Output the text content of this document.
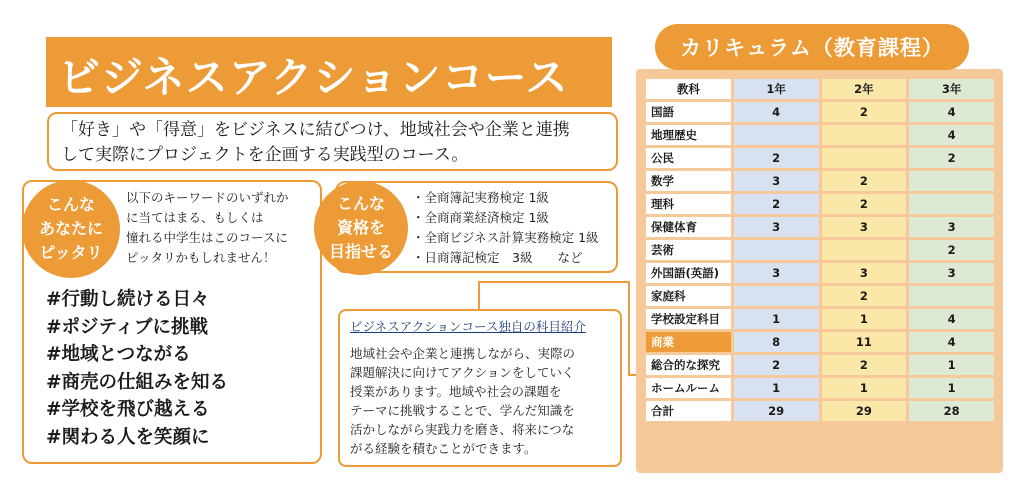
ビジネスアクションコース
「好き」や「得意」をビジネスに結びつけ、地域社会や企業と連携
して実際にプロジェクトを企画する実践型のコース。
こんな
あなたに
ピッタリ
以下のキーワードのいずれか
に当てはまる、もしくは
憧れる中学生はこのコースに
ピッタリかもしれません！
#行動し続ける日々
#ポジティブに挑戦
#地域とつながる
#商売の仕組みを知る
#学校を飛び越える
#関わる人を笑顔に
こんな
資格を
目指せる
・全商簿記実務検定 1級
・全商商業経済検定 1級
・全商ビジネス計算実務検定 1級
・日商簿記検定　3級　　など
ビジネスアクションコース独自の科目紹介
地域社会や企業と連携しながら、実際の
課題解決に向けてアクションをしていく
授業があります。地域や社会の課題を
テーマに挑戦することで、学んだ知識を
活かしながら実践力を磨き、将来につな
がる経験を積むことができます。
カリキュラム（教育課程）
教科	1年	2年	3年
国語	4	2	4
地理歴史			4
公民	2		2
数学	3	2	
理科	2	2	
保健体育	3	3	3
芸術			2
外国語(英語)	3	3	3
家庭科		2	
学校設定科目	1	1	4
商業	8	11	4
総合的な探究	2	2	1
ホームルーム	1	1	1
合計	29	29	28
